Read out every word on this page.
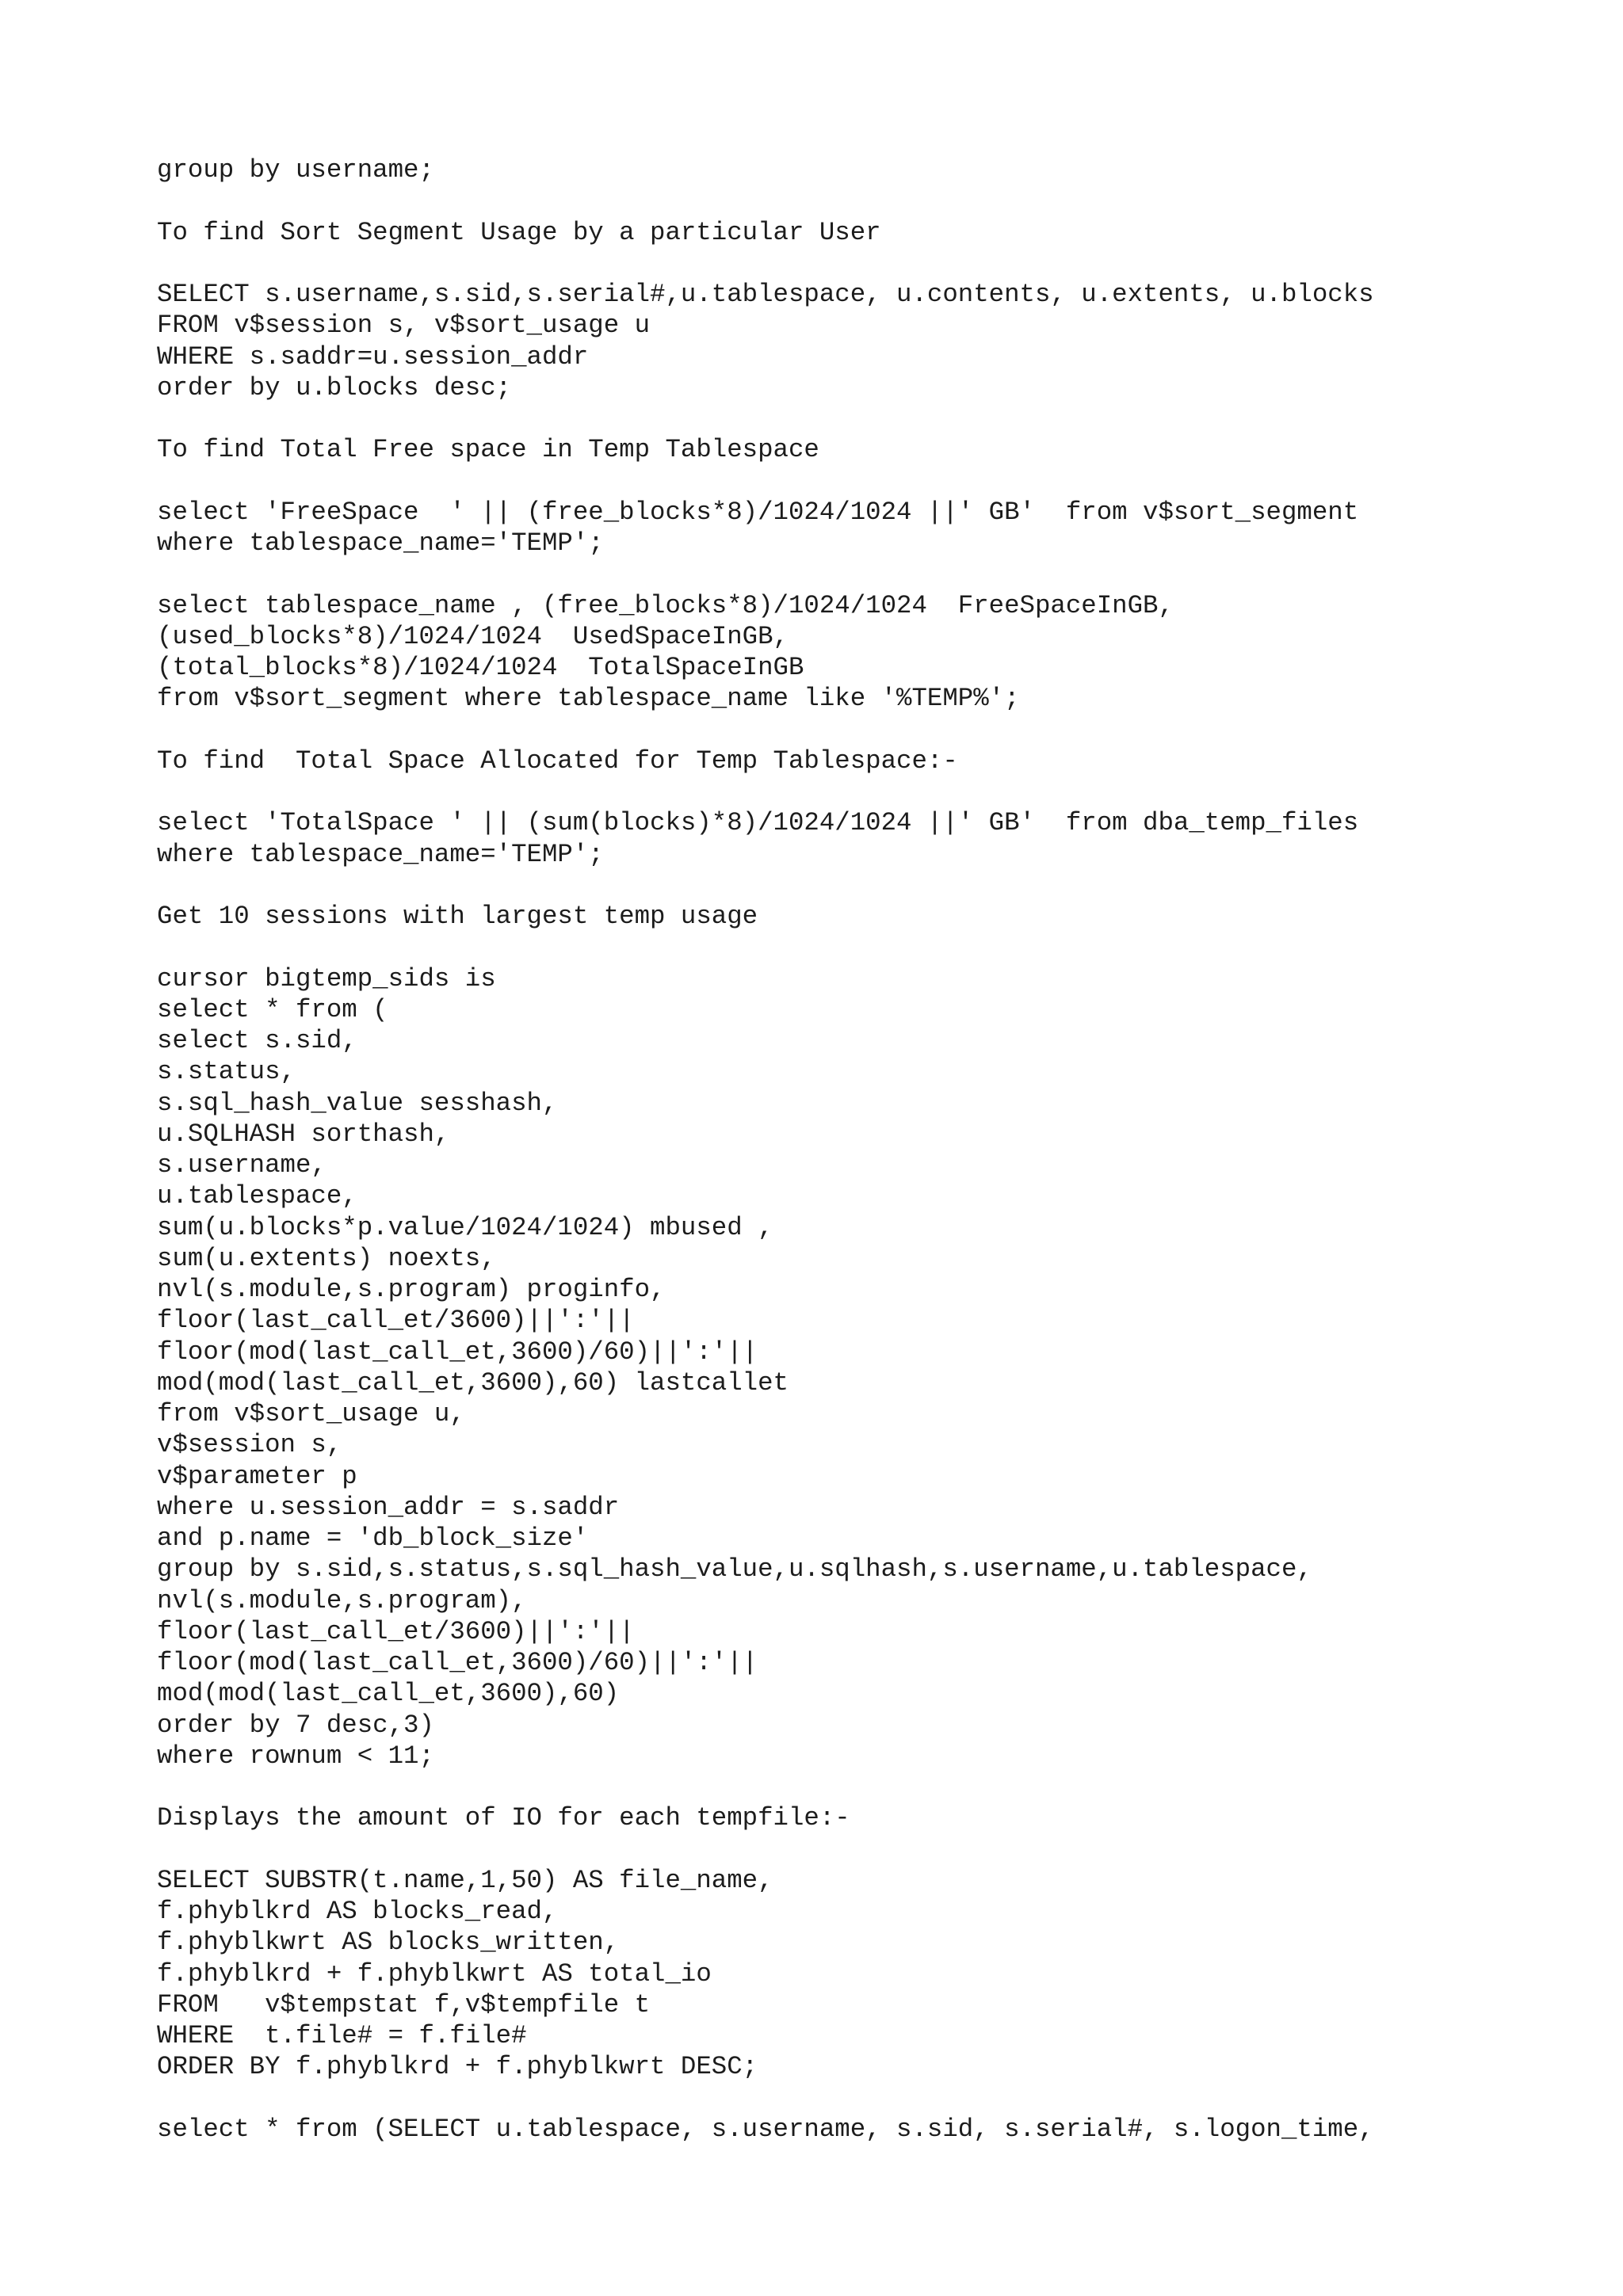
group by username;
To find Sort Segment Usage by a particular User
SELECT s.username,s.sid,s.serial#,u.tablespace, u.contents, u.extents, u.blocks
FROM v$session s, v$sort_usage u
WHERE s.saddr=u.session_addr
order by u.blocks desc;
To find Total Free space in Temp Tablespace
select 'FreeSpace  ' || (free_blocks*8)/1024/1024 ||' GB'  from v$sort_segment
where tablespace_name='TEMP';
select tablespace_name , (free_blocks*8)/1024/1024  FreeSpaceInGB,
(used_blocks*8)/1024/1024  UsedSpaceInGB,
(total_blocks*8)/1024/1024  TotalSpaceInGB
from v$sort_segment where tablespace_name like '%TEMP%';
To find  Total Space Allocated for Temp Tablespace:-
select 'TotalSpace ' || (sum(blocks)*8)/1024/1024 ||' GB'  from dba_temp_files
where tablespace_name='TEMP';
Get 10 sessions with largest temp usage
cursor bigtemp_sids is
select * from (
select s.sid,
s.status,
s.sql_hash_value sesshash,
u.SQLHASH sorthash,
s.username,
u.tablespace,
sum(u.blocks*p.value/1024/1024) mbused ,
sum(u.extents) noexts,
nvl(s.module,s.program) proginfo,
floor(last_call_et/3600)||':'||
floor(mod(last_call_et,3600)/60)||':'||
mod(mod(last_call_et,3600),60) lastcallet
from v$sort_usage u,
v$session s,
v$parameter p
where u.session_addr = s.saddr
and p.name = 'db_block_size'
group by s.sid,s.status,s.sql_hash_value,u.sqlhash,s.username,u.tablespace,
nvl(s.module,s.program),
floor(last_call_et/3600)||':'||
floor(mod(last_call_et,3600)/60)||':'||
mod(mod(last_call_et,3600),60)
order by 7 desc,3)
where rownum < 11;
Displays the amount of IO for each tempfile:-
SELECT SUBSTR(t.name,1,50) AS file_name,
f.phyblkrd AS blocks_read,
f.phyblkwrt AS blocks_written,
f.phyblkrd + f.phyblkwrt AS total_io
FROM   v$tempstat f,v$tempfile t
WHERE  t.file# = f.file#
ORDER BY f.phyblkrd + f.phyblkwrt DESC;
select * from (SELECT u.tablespace, s.username, s.sid, s.serial#, s.logon_time,
